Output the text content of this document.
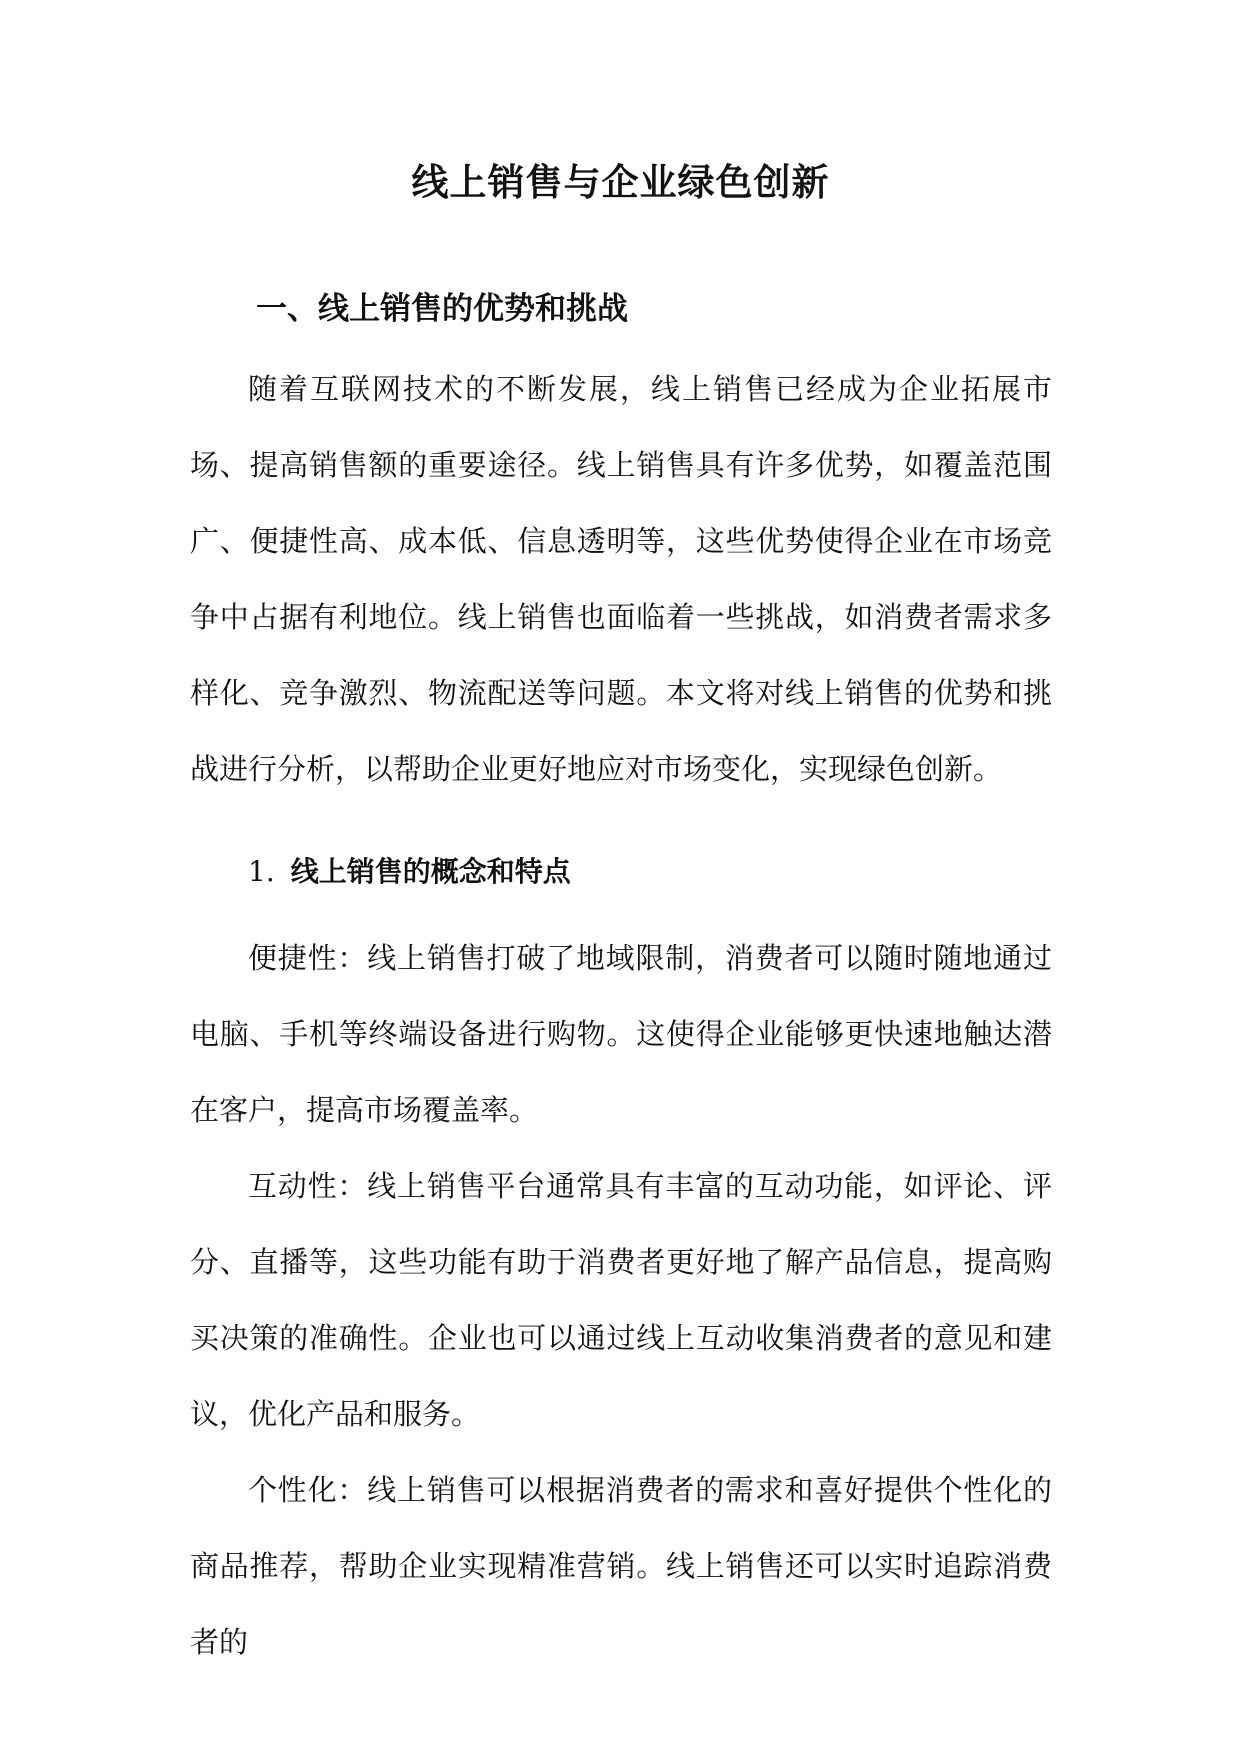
线上销售与企业绿色创新
一、线上销售的优势和挑战

随着互联网技术的不断发展，线上销售已经成为企业拓展市场、提高销售额的重要途径。线上销售具有许多优势，如覆盖范围广、便捷性高、成本低、信息透明等，这些优势使得企业在市场竞争中占据有利地位。线上销售也面临着一些挑战，如消费者需求多样化、竞争激烈、物流配送等问题。本文将对线上销售的优势和挑战进行分析，以帮助企业更好地应对市场变化，实现绿色创新。

1. 线上销售的概念和特点

便捷性：线上销售打破了地域限制，消费者可以随时随地通过电脑、手机等终端设备进行购物。这使得企业能够更快速地触达潜在客户，提高市场覆盖率。

互动性：线上销售平台通常具有丰富的互动功能，如评论、评分、直播等，这些功能有助于消费者更好地了解产品信息，提高购买决策的准确性。企业也可以通过线上互动收集消费者的意见和建议，优化产品和服务。

个性化：线上销售可以根据消费者的需求和喜好提供个性化的商品推荐，帮助企业实现精准营销。线上销售还可以实时追踪消费者的
